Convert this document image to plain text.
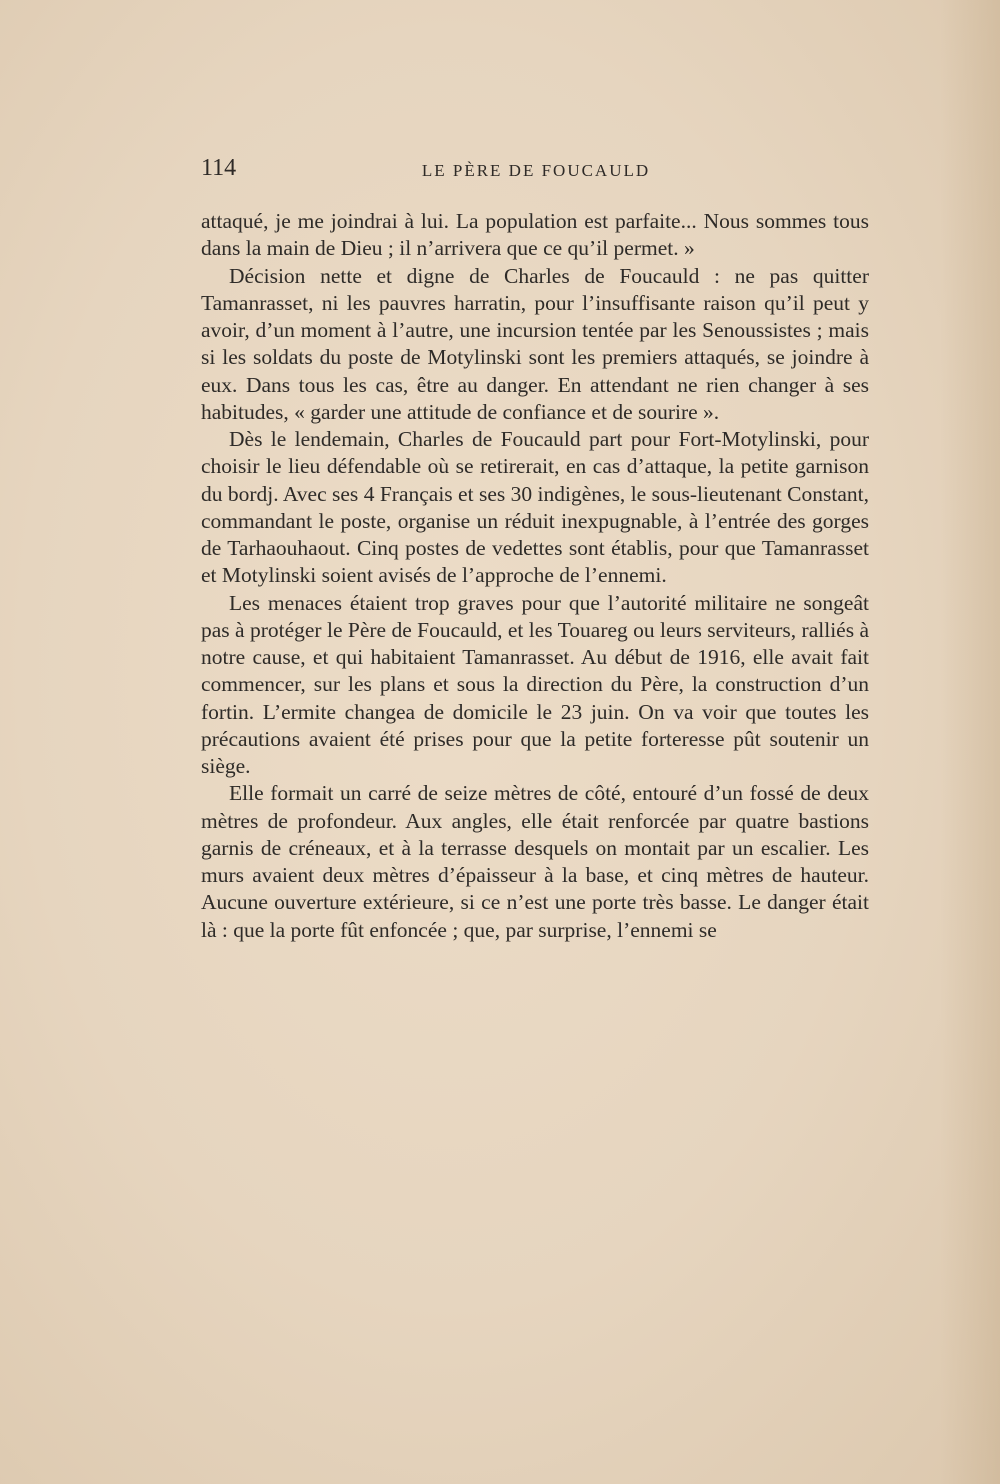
114	LE PÈRE DE FOUCAULD

attaqué, je me joindrai à lui. La population est parfaite... Nous sommes tous dans la main de Dieu ; il n’arrivera que ce qu’il permet. »

Décision nette et digne de Charles de Foucauld : ne pas quitter Tamanrasset, ni les pauvres harratin, pour l’insuffisante raison qu’il peut y avoir, d’un moment à l’autre, une incursion tentée par les Senoussistes ; mais si les soldats du poste de Motylinski sont les premiers attaqués, se joindre à eux. Dans tous les cas, être au danger. En attendant ne rien changer à ses habitudes, « garder une attitude de confiance et de sourire ».

Dès le lendemain, Charles de Foucauld part pour Fort-Motylinski, pour choisir le lieu défendable où se retirerait, en cas d’attaque, la petite garnison du bordj. Avec ses 4 Français et ses 30 indigènes, le sous-lieutenant Constant, commandant le poste, organise un réduit inexpugnable, à l’entrée des gorges de Tarhaouhaout. Cinq postes de vedettes sont établis, pour que Tamanrasset et Motylinski soient avisés de l’approche de l’ennemi.

Les menaces étaient trop graves pour que l’autorité militaire ne songeât pas à protéger le Père de Foucauld, et les Touareg ou leurs serviteurs, ralliés à notre cause, et qui habitaient Tamanrasset. Au début de 1916, elle avait fait commencer, sur les plans et sous la direction du Père, la construction d’un fortin. L’ermite changea de domicile le 23 juin. On va voir que toutes les précautions avaient été prises pour que la petite forteresse pût soutenir un siège.

Elle formait un carré de seize mètres de côté, entouré d’un fossé de deux mètres de profondeur. Aux angles, elle était renforcée par quatre bastions garnis de créneaux, et à la terrasse desquels on montait par un escalier. Les murs avaient deux mètres d’épaisseur à la base, et cinq mètres de hauteur. Aucune ouverture extérieure, si ce n’est une porte très basse. Le danger était là : que la porte fût enfoncée ; que, par surprise, l’ennemi se
